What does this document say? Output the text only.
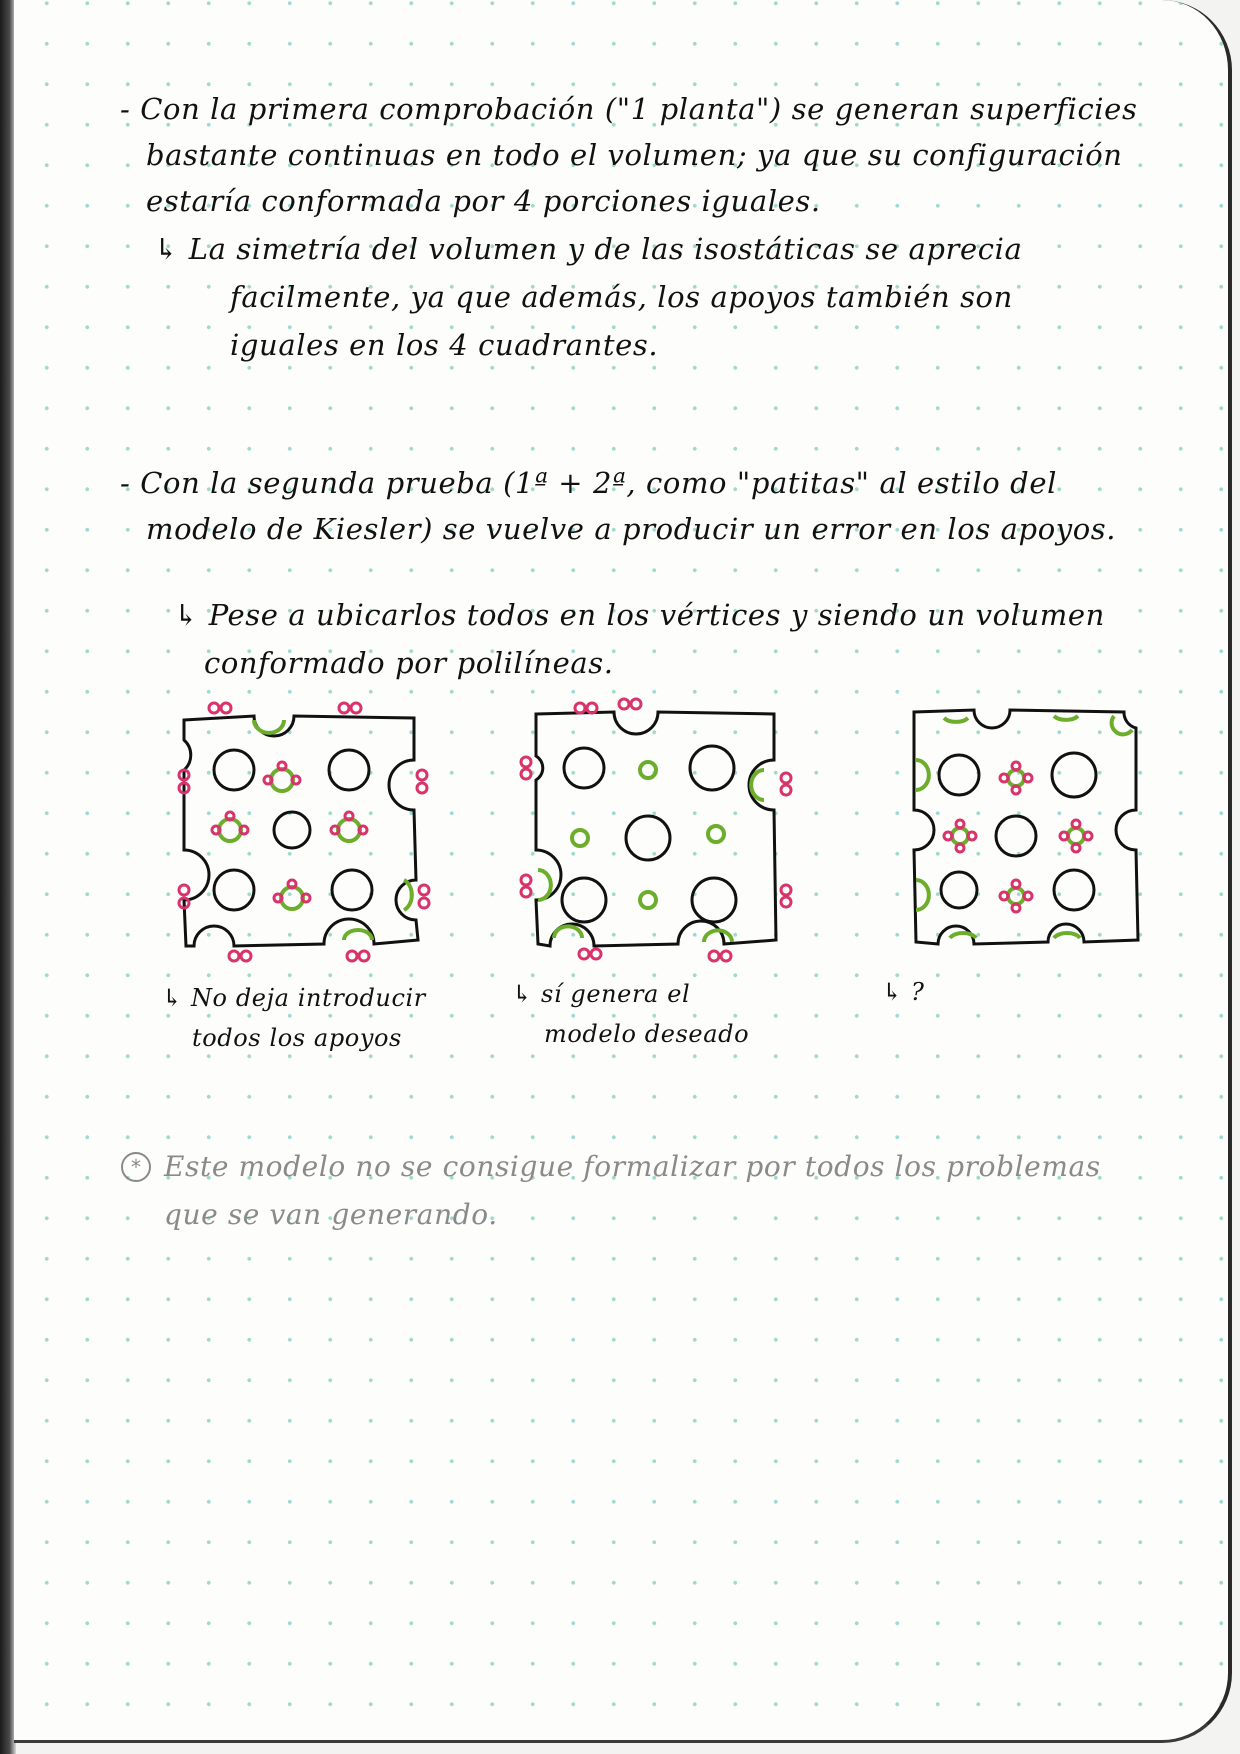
- Con la primera comprobación ("1 planta") se generan superficies
bastante continuas en todo el volumen; ya que su configuración
estaría conformada por 4 porciones iguales.
↳ La simetría del volumen y de las isostáticas se aprecia
facilmente, ya que además, los apoyos también son
iguales en los 4 cuadrantes.
- Con la segunda prueba (1ª + 2ª, como "patitas" al estilo del
modelo de Kiesler) se vuelve a producir un error en los apoyos.
↳ Pese a ubicarlos todos en los vértices y siendo un volumen
conformado por polilíneas.
↳ No deja introducir
todos los apoyos
↳ sí genera el
modelo deseado
↳ ?
* Este modelo no se consigue formalizar por todos los problemas
que se van generando.
